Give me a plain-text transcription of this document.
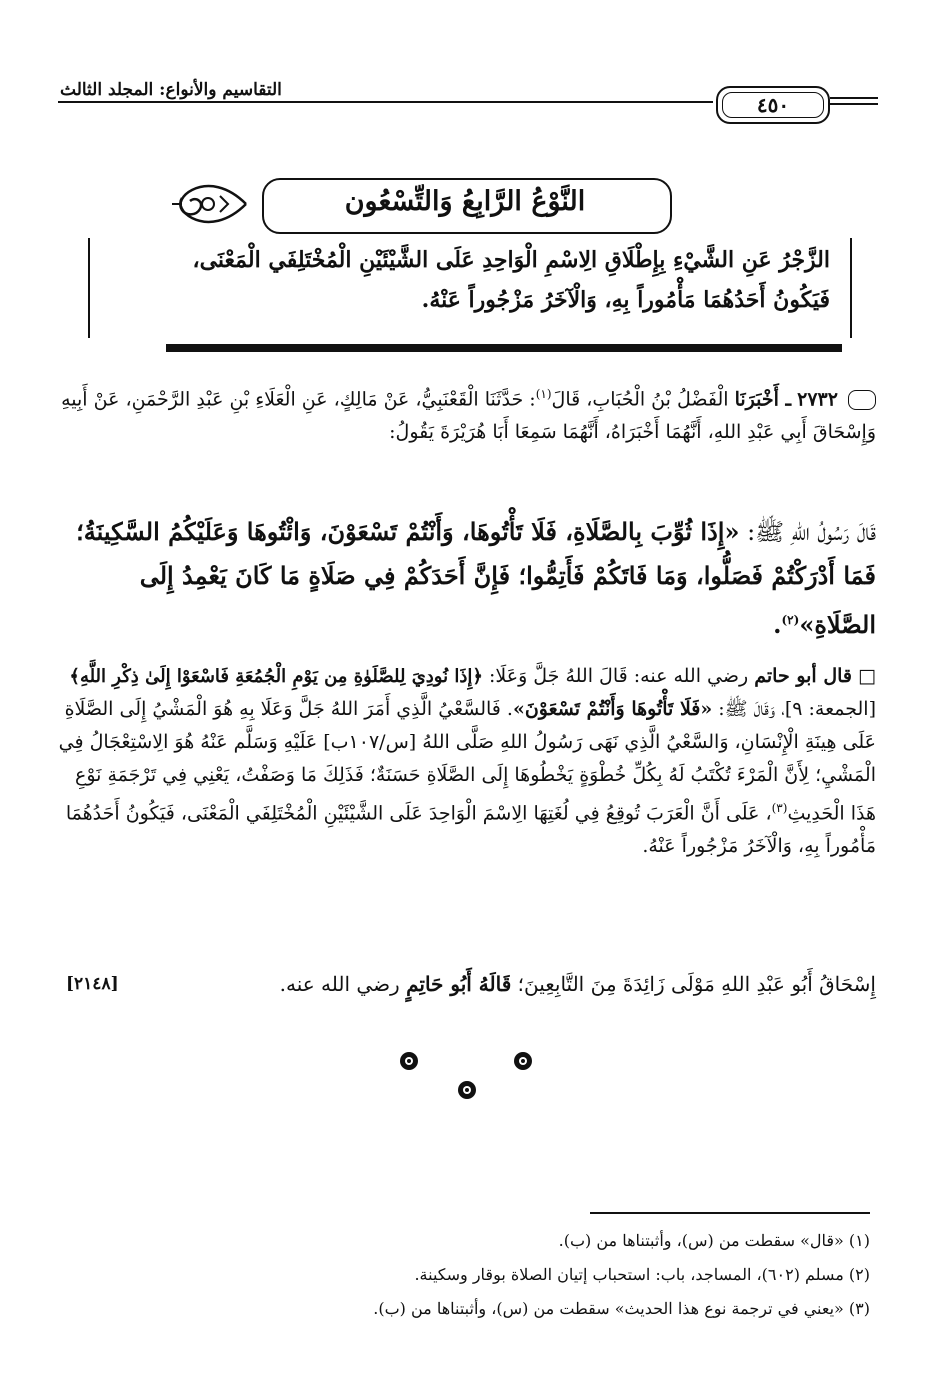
التقاسيم والأنواع: المجلد الثالث
٤٥٠
النَّوْعُ الرَّابِعُ وَالتِّسْعُون
الزَّجْرُ عَنِ الشَّيْءِ بِإِطْلَاقِ الِاسْمِ الْوَاحِدِ عَلَى الشَّيْئَيْنِ الْمُخْتَلِفَي الْمَعْنَى،
فَيَكُونُ أَحَدُهُمَا مَأْمُوراً بِهِ، وَالْآخَرُ مَزْجُوراً عَنْهُ.
٢٧٣٢ ـ أَخْبَرَنَا الْفَضْلُ بْنُ الْحُبَابِ، قَالَ$^{(١)}$: حَدَّثَنَا الْقَعْنَبِيُّ، عَنْ مَالِكٍ، عَنِ الْعَلَاءِ بْنِ عَبْدِ الرَّحْمَنِ، عَنْ أَبِيهِ وَإِسْحَاقَ أَبِي عَبْدِ اللهِ، أَنَّهُمَا أَخْبَرَاهُ، أَنَّهُمَا سَمِعَا أَبَا هُرَيْرَةَ يَقُولُ:
قَالَ رَسُولُ اللهِ ﷺ: «إِذَا ثُوِّبَ بِالصَّلَاةِ، فَلَا تَأْتُوهَا، وَأَنْتُمْ تَسْعَوْنَ، وَائْتُوهَا وَعَلَيْكُمُ السَّكِينَةُ؛ فَمَا أَدْرَكْتُمْ فَصَلُّوا، وَمَا فَاتَكُمْ فَأَتِمُّوا؛ فَإِنَّ أَحَدَكُمْ فِي صَلَاةٍ مَا كَانَ يَعْمِدُ إِلَى الصَّلَاةِ»$^{(٢)}$.
□ قال أبو حاتم رضي الله عنه: قَالَ اللهُ جَلَّ وَعَلَا: ﴿إِذَا نُودِيَ لِلصَّلَوٰةِ مِن يَوْمِ الْجُمُعَةِ فَاسْعَوْا إِلَىٰ ذِكْرِ اللَّهِ﴾ [الجمعة: ٩]، وَقَالَ ﷺ: «فَلَا تَأْتُوهَا وَأَنْتُمْ تَسْعَوْنَ». فَالسَّعْيُ الَّذِي أَمَرَ اللهُ جَلَّ وَعَلَا بِهِ هُوَ الْمَشْيُ إِلَى الصَّلَاةِ عَلَى هِينَةِ الْإِنْسَانِ، وَالسَّعْيُ الَّذِي نَهَى رَسُولُ اللهِ صَلَّى اللهُ [س/١٠٧ب] عَلَيْهِ وَسَلَّم عَنْهُ هُوَ الِاسْتِعْجَالُ فِي الْمَشْيِ؛ لِأَنَّ الْمَرْءَ تُكْتَبُ لَهُ بِكُلِّ خُطْوَةٍ يَخْطُوهَا إِلَى الصَّلَاةِ حَسَنَةٌ؛ فَذَلِكَ مَا وَصَفْتُ، يَعْنِي فِي تَرْجَمَةِ نَوْعِ هَذَا الْحَدِيثِ$^{(٣)}$، عَلَى أَنَّ الْعَرَبَ تُوقِعُ فِي لُغَتِهَا الِاسْمَ الْوَاحِدَ عَلَى الشَّيْئَيْنِ الْمُخْتَلِفَي الْمَعْنَى، فَيَكُونُ أَحَدُهُمَا مَأْمُوراً بِهِ، وَالْآخَرُ مَزْجُوراً عَنْهُ.
إِسْحَاقُ أَبُو عَبْدِ اللهِ مَوْلَى زَائِدَةَ مِنَ التَّابِعِينَ؛ قَالَهُ أَبُو حَاتِمٍ رضي الله عنه.
[٢١٤٨]
(١) «قال» سقطت من (س)، وأثبتناها من (ب).
(٢) مسلم (٦٠٢)، المساجد، باب: استحباب إتيان الصلاة بوقار وسكينة.
(٣) «يعني في ترجمة نوع هذا الحديث» سقطت من (س)، وأثبتناها من (ب).
